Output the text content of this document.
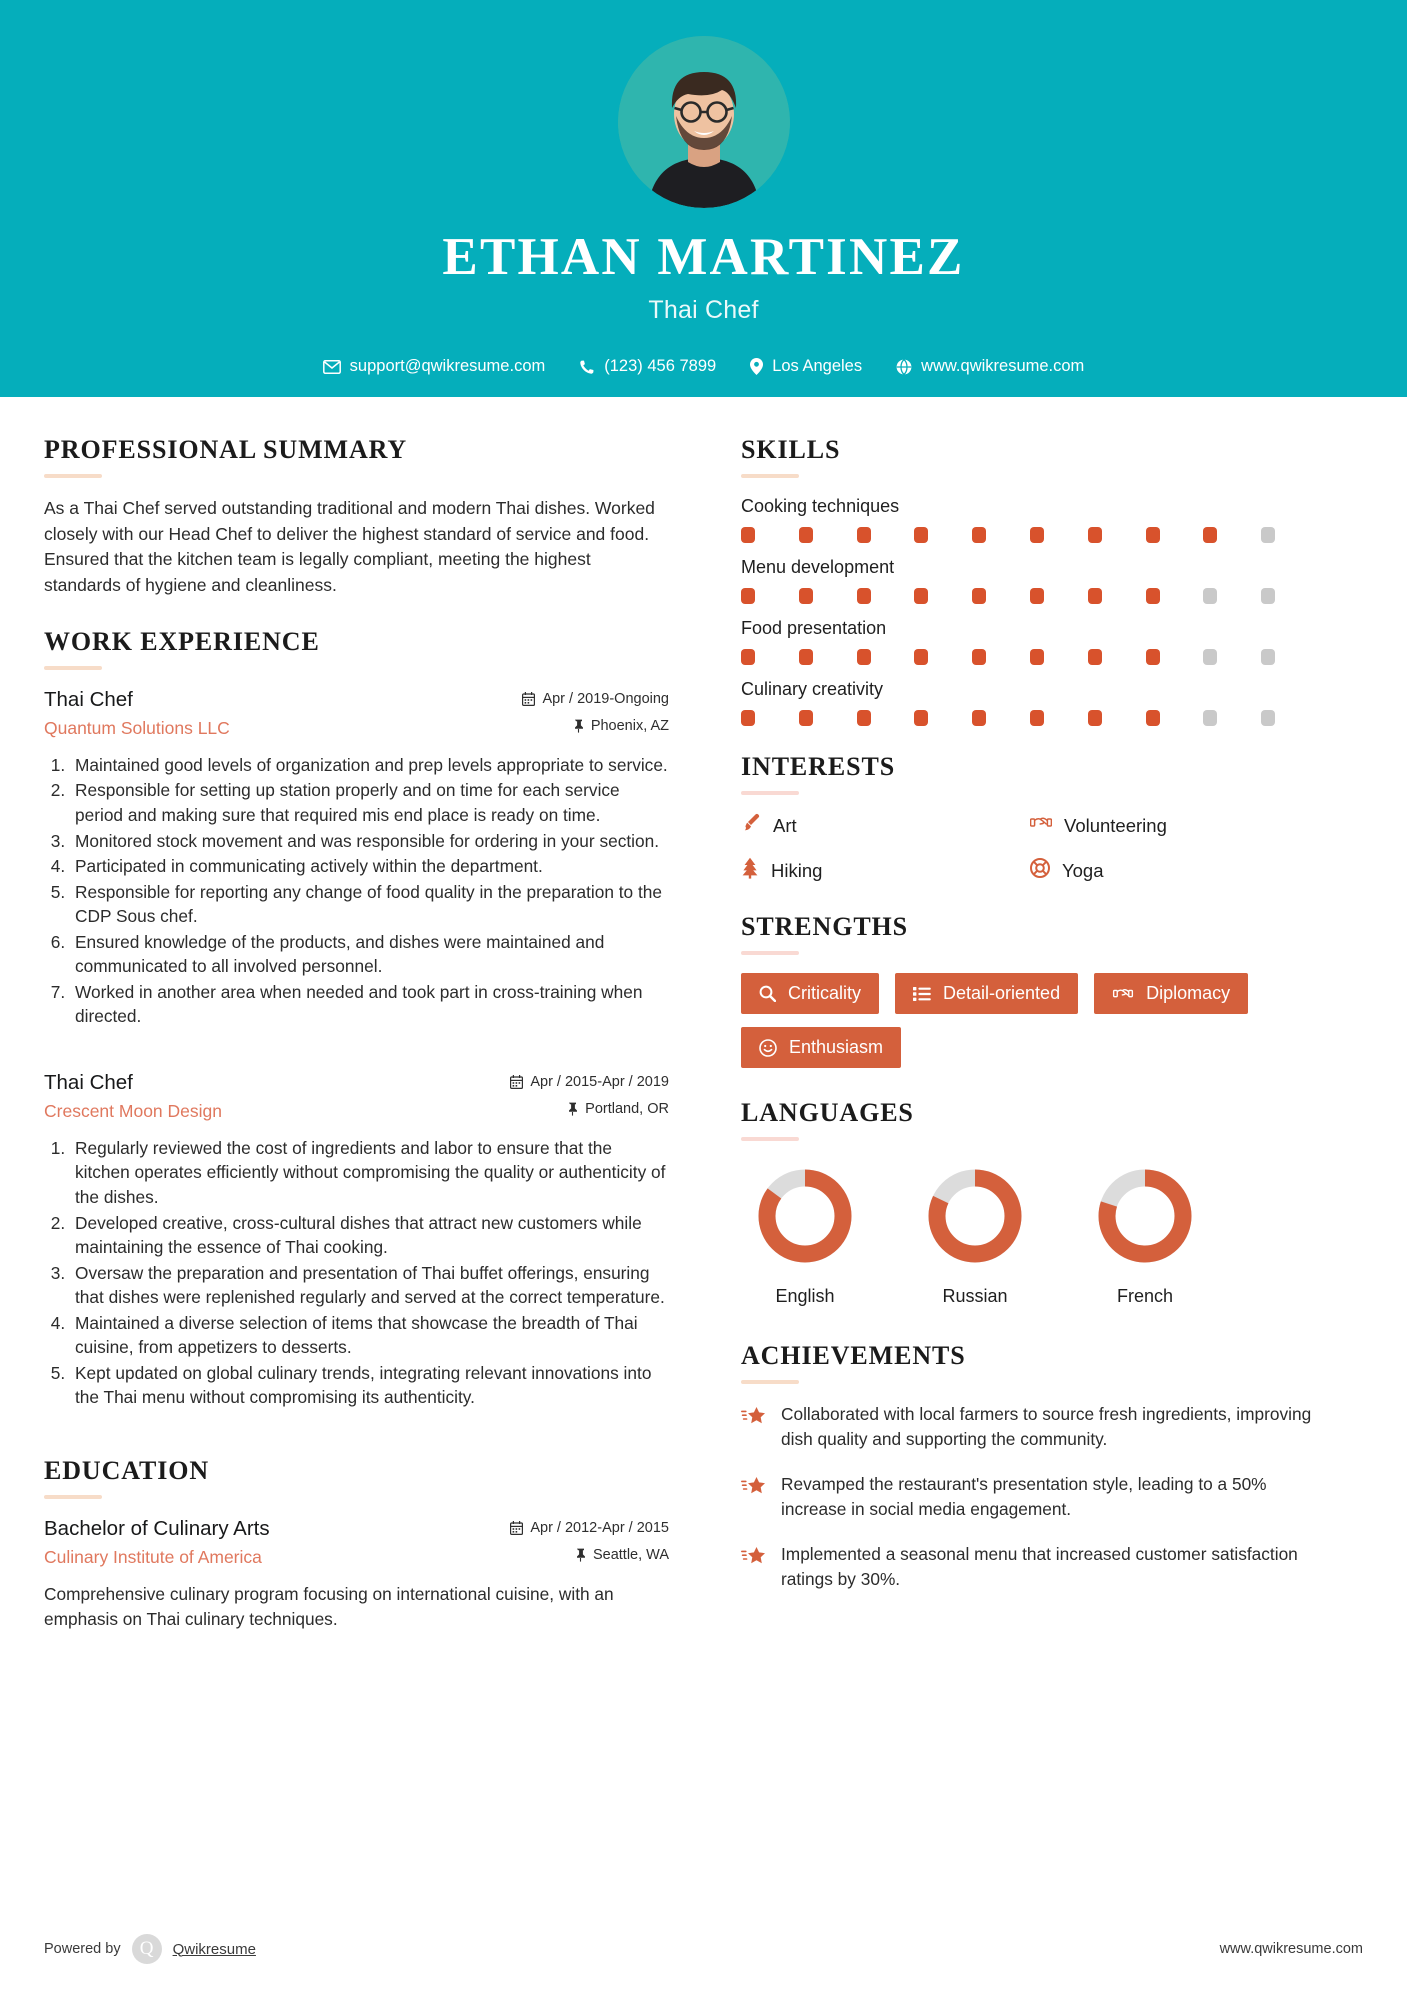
ETHAN MARTINEZ
Thai Chef
support@qwikresume.com	(123) 456 7899	Los Angeles	www.qwikresume.com
PROFESSIONAL SUMMARY
As a Thai Chef served outstanding traditional and modern Thai dishes. Worked closely with our Head Chef to deliver the highest standard of service and food. Ensured that the kitchen team is legally compliant, meeting the highest standards of hygiene and cleanliness.
WORK EXPERIENCE
Thai Chef
Quantum Solutions LLC
Apr / 2019-Ongoing
Phoenix, AZ
1. Maintained good levels of organization and prep levels appropriate to service.
2. Responsible for setting up station properly and on time for each service period and making sure that required mis end place is ready on time.
3. Monitored stock movement and was responsible for ordering in your section.
4. Participated in communicating actively within the department.
5. Responsible for reporting any change of food quality in the preparation to the CDP Sous chef.
6. Ensured knowledge of the products, and dishes were maintained and communicated to all involved personnel.
7. Worked in another area when needed and took part in cross-training when directed.
Thai Chef
Crescent Moon Design
Apr / 2015-Apr / 2019
Portland, OR
1. Regularly reviewed the cost of ingredients and labor to ensure that the kitchen operates efficiently without compromising the quality or authenticity of the dishes.
2. Developed creative, cross-cultural dishes that attract new customers while maintaining the essence of Thai cooking.
3. Oversaw the preparation and presentation of Thai buffet offerings, ensuring that dishes were replenished regularly and served at the correct temperature.
4. Maintained a diverse selection of items that showcase the breadth of Thai cuisine, from appetizers to desserts.
5. Kept updated on global culinary trends, integrating relevant innovations into the Thai menu without compromising its authenticity.
EDUCATION
Bachelor of Culinary Arts
Culinary Institute of America
Apr / 2012-Apr / 2015
Seattle, WA
Comprehensive culinary program focusing on international cuisine, with an emphasis on Thai culinary techniques.
SKILLS
Cooking techniques
Menu development
Food presentation
Culinary creativity
INTERESTS
Art	Volunteering
Hiking	Yoga
STRENGTHS
Criticality	Detail-oriented	Diplomacy
Enthusiasm
LANGUAGES
English	Russian	French
ACHIEVEMENTS
Collaborated with local farmers to source fresh ingredients, improving dish quality and supporting the community.
Revamped the restaurant's presentation style, leading to a 50% increase in social media engagement.
Implemented a seasonal menu that increased customer satisfaction ratings by 30%.
Powered by	Q	Qwikresume	www.qwikresume.com
